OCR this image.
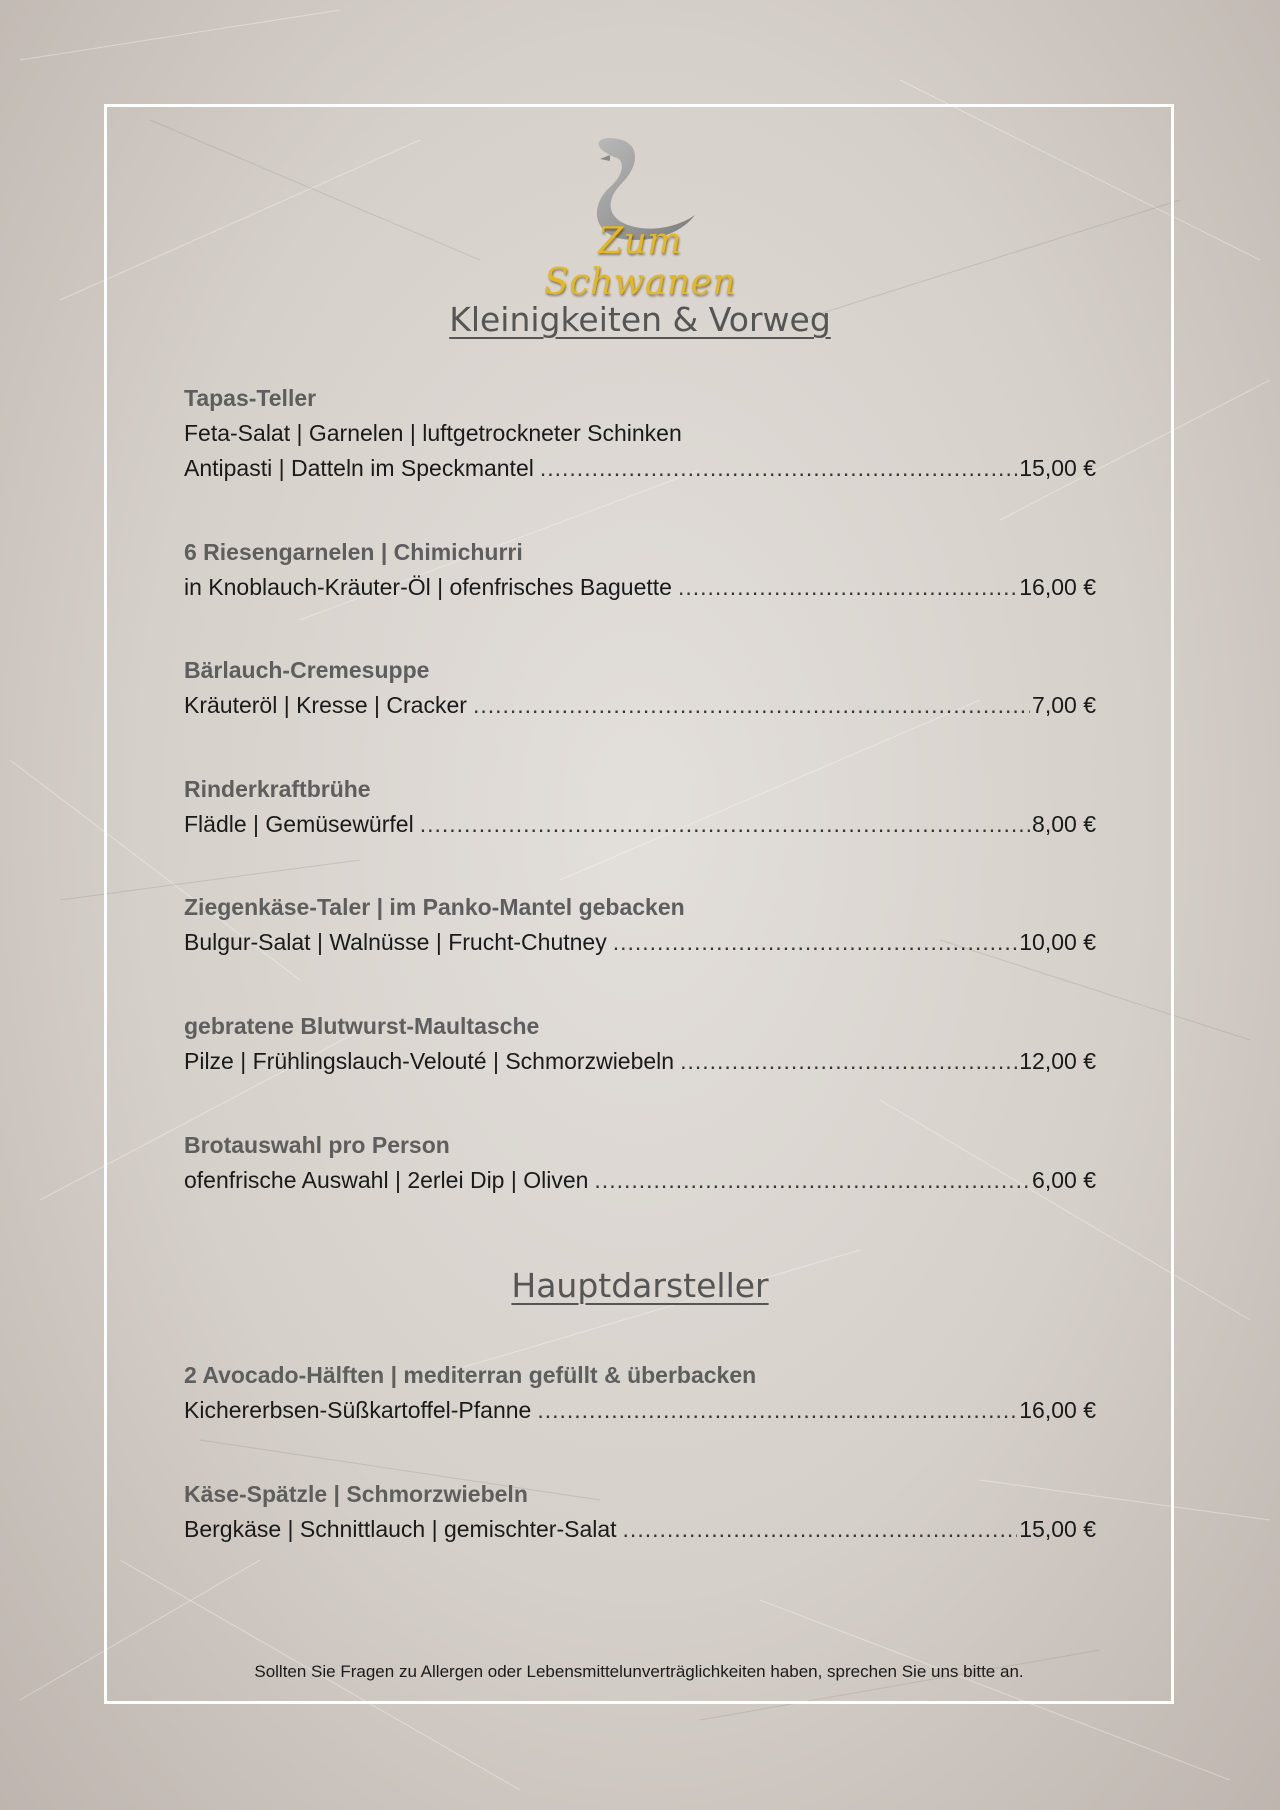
Zum Schwanen
Kleinigkeiten & Vorweg
Tapas-Teller
Feta-Salat | Garnelen | luftgetrockneter Schinken
Antipasti | Datteln im Speckmantel .....	15,00 €
6 Riesengarnelen | Chimichurri
in Knoblauch-Kräuter-Öl | ofenfrisches Baguette .....	16,00 €
Bärlauch-Cremesuppe
Kräuteröl | Kresse | Cracker .....	7,00 €
Rinderkraftbrühe
Flädle | Gemüsewürfel .....	8,00 €
Ziegenkäse-Taler | im Panko-Mantel gebacken
Bulgur-Salat | Walnüsse | Frucht-Chutney .....	10,00 €
gebratene Blutwurst-Maultasche
Pilze | Frühlingslauch-Velouté | Schmorzwiebeln .....	12,00 €
Brotauswahl pro Person
ofenfrische Auswahl | 2erlei Dip | Oliven .....	6,00 €
Hauptdarsteller
2 Avocado-Hälften | mediterran gefüllt & überbacken
Kichererbsen-Süßkartoffel-Pfanne .....	16,00 €
Käse-Spätzle | Schmorzwiebeln
Bergkäse | Schnittlauch | gemischter-Salat .....	15,00 €
Sollten Sie Fragen zu Allergen oder Lebensmittelunverträglichkeiten haben, sprechen Sie uns bitte an.
